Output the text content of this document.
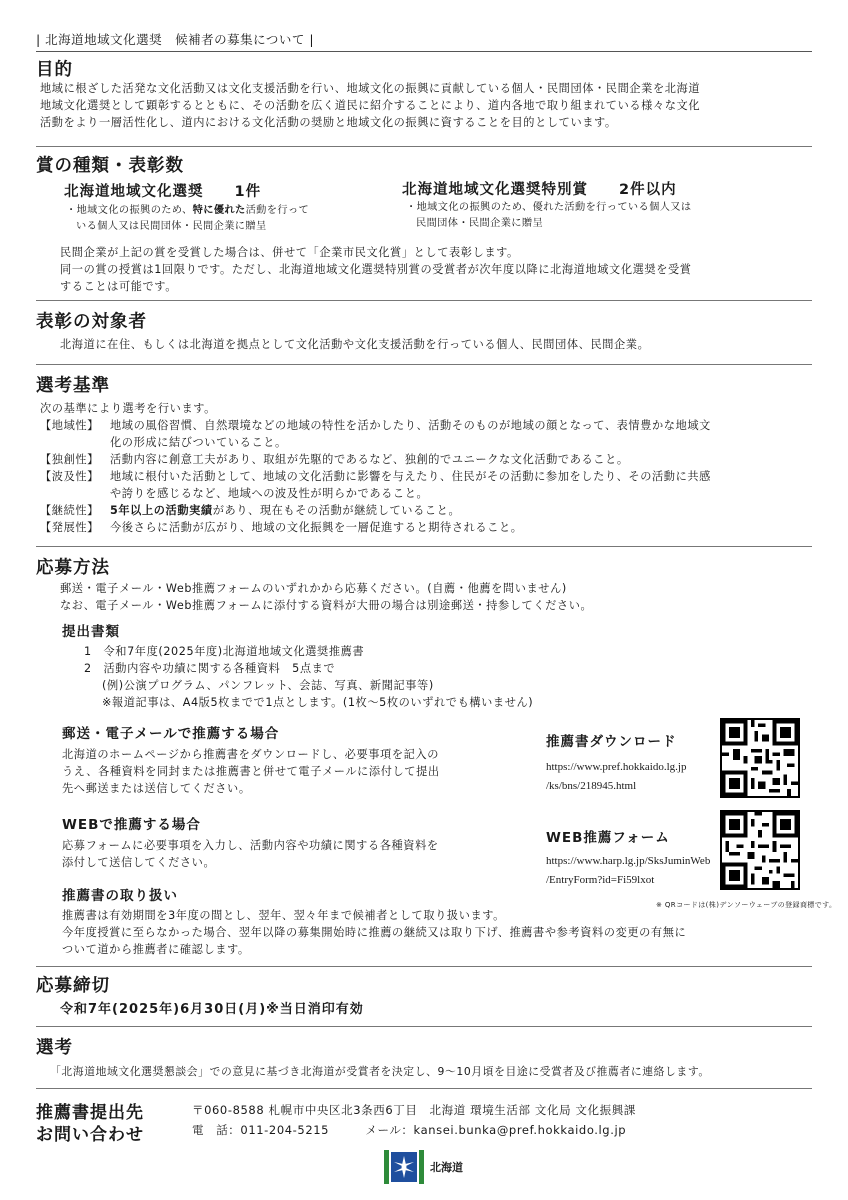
| 北海道地域文化選奨　候補者の募集について |
目的
地域に根ざした活発な文化活動又は文化支援活動を行い、地域文化の振興に貢献している個人・民間団体・民間企業を北海道
地域文化選奨として顕彰するとともに、その活動を広く道民に紹介することにより、道内各地で取り組まれている様々な文化
活動をより一層活性化し、道内における文化活動の奨励と地域文化の振興に資することを目的としています。
賞の種類・表彰数
北海道地域文化選奨　　1件
・地域文化の振興のため、特に優れた活動を行って
いる個人又は民間団体・民間企業に贈呈
北海道地域文化選奨特別賞　　2件以内
・地域文化の振興のため、優れた活動を行っている個人又は
民間団体・民間企業に贈呈
民間企業が上記の賞を受賞した場合は、併せて「企業市民文化賞」として表彰します。
同一の賞の授賞は1回限りです。ただし、北海道地域文化選奨特別賞の受賞者が次年度以降に北海道地域文化選奨を受賞
することは可能です。
表彰の対象者
北海道に在住、もしくは北海道を拠点として文化活動や文化支援活動を行っている個人、民間団体、民間企業。
選考基準
次の基準により選考を行います。
【地域性】 地域の風俗習慣、自然環境などの地域の特性を活かしたり、活動そのものが地域の顔となって、表情豊かな地域文
化の形成に結びついていること。
【独創性】 活動内容に創意工夫があり、取組が先駆的であるなど、独創的でユニークな文化活動であること。
【波及性】 地域に根付いた活動として、地域の文化活動に影響を与えたり、住民がその活動に参加をしたり、その活動に共感
や誇りを感じるなど、地域への波及性が明らかであること。
【継続性】 5年以上の活動実績があり、現在もその活動が継続していること。
【発展性】 今後さらに活動が広がり、地域の文化振興を一層促進すると期待されること。
応募方法
郵送・電子メール・Web推薦フォームのいずれかから応募ください。(自薦・他薦を問いません)
なお、電子メール・Web推薦フォームに添付する資料が大冊の場合は別途郵送・持参してください。
提出書類
1　令和7年度(2025年度)北海道地域文化選奨推薦書
2　活動内容や功績に関する各種資料　5点まで
(例)公演プログラム、パンフレット、会誌、写真、新聞記事等)
※報道記事は、A4版5枚までで1点とします。(1枚～5枚のいずれでも構いません)
郵送・電子メールで推薦する場合
北海道のホームページから推薦書をダウンロードし、必要事項を記入の
うえ、各種資料を同封または推薦書と併せて電子メールに添付して提出
先へ郵送または送信してください。
WEBで推薦する場合
応募フォームに必要事項を入力し、活動内容や功績に関する各種資料を
添付して送信してください。
推薦書の取り扱い
推薦書は有効期間を3年度の間とし、翌年、翌々年まで候補者として取り扱います。
今年度授賞に至らなかった場合、翌年以降の募集開始時に推薦の継続又は取り下げ、推薦書や参考資料の変更の有無に
ついて道から推薦者に確認します。
推薦書ダウンロード
https://www.pref.hokkaido.lg.jp
/ks/bns/218945.html
WEB推薦フォーム
https://www.harp.lg.jp/SksJuminWeb
/EntryForm?id=Fi59lxot
※ QRコードは(株)デンソーウェーブの登録商標です。
応募締切
令和7年(2025年)6月30日(月)※当日消印有効
選考
「北海道地域文化選奨懇談会」での意見に基づき北海道が受賞者を決定し、9～10月頃を目途に受賞者及び推薦者に連絡します。
推薦書提出先
お問い合わせ
〒060-8588 札幌市中央区北3条西6丁目　北海道 環境生活部 文化局 文化振興課
電　話：011-204-5215　　　メール：kansei.bunka@pref.hokkaido.lg.jp
北海道
